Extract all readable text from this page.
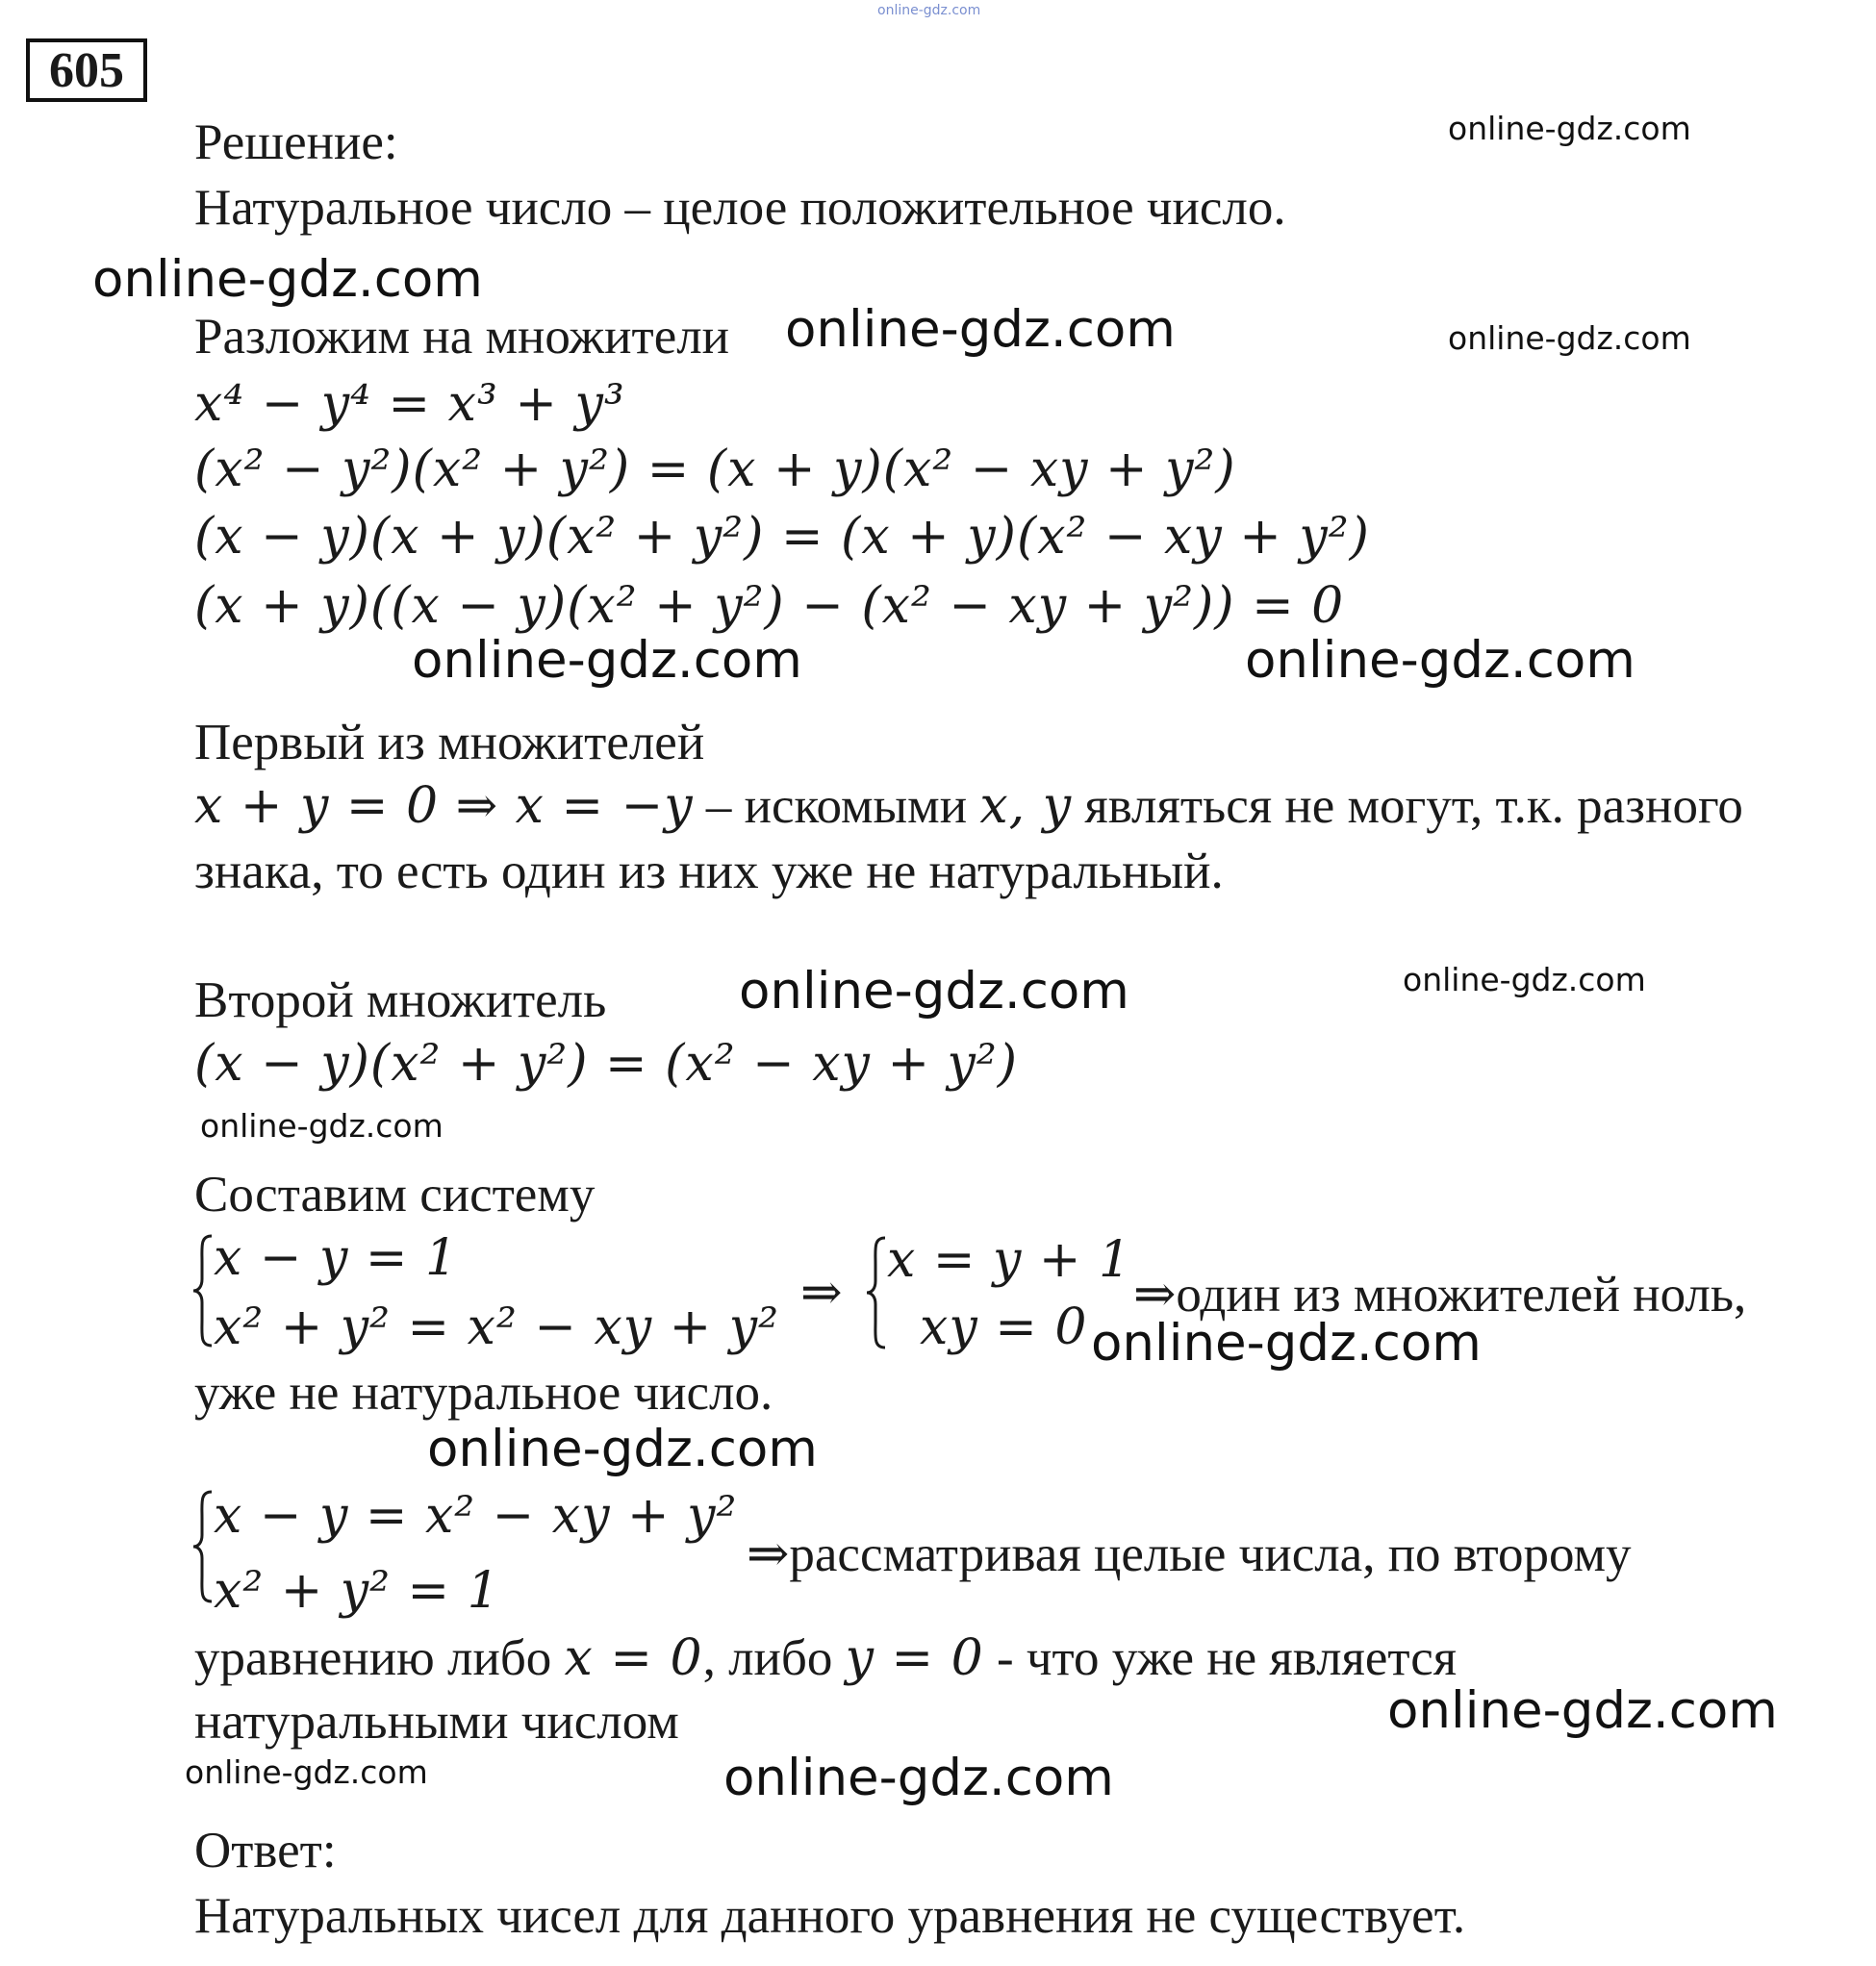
online-gdz.com
online-gdz.com
online-gdz.com
online-gdz.com	online-gdz.com
online-gdz.com	online-gdz.com
online-gdz.com	online-gdz.com
online-gdz.com
online-gdz.com
online-gdz.com
online-gdz.com
online-gdz.com	online-gdz.com
605
Решение:
Натуральное число – целое положительное число.
Разложим на множители
x⁴ − y⁴ = x³ + y³
(x² − y²)(x² + y²) = (x + y)(x² − xy + y²)
(x − y)(x + y)(x² + y²) = (x + y)(x² − xy + y²)
(x + y)((x − y)(x² + y²) − (x² − xy + y²)) = 0
Первый из множителей
x + y = 0 ⇒ x = −y – искомыми x, y являться не могут, т.к. разного
знака, то есть один из них уже не натуральный.
Второй множитель
(x − y)(x² + y²) = (x² − xy + y²)
Составим систему
x − y = 1
x² + y² = x² − xy + y²
⇒
x = y + 1
xy = 0
⇒один из множителей ноль,
уже не натуральное число.
x − y = x² − xy + y²
x² + y² = 1
⇒рассматривая целые числа, по второму
уравнению либо x = 0, либо y = 0 - что уже не является
натуральными числом
Ответ:
Натуральных чисел для данного уравнения не существует.
